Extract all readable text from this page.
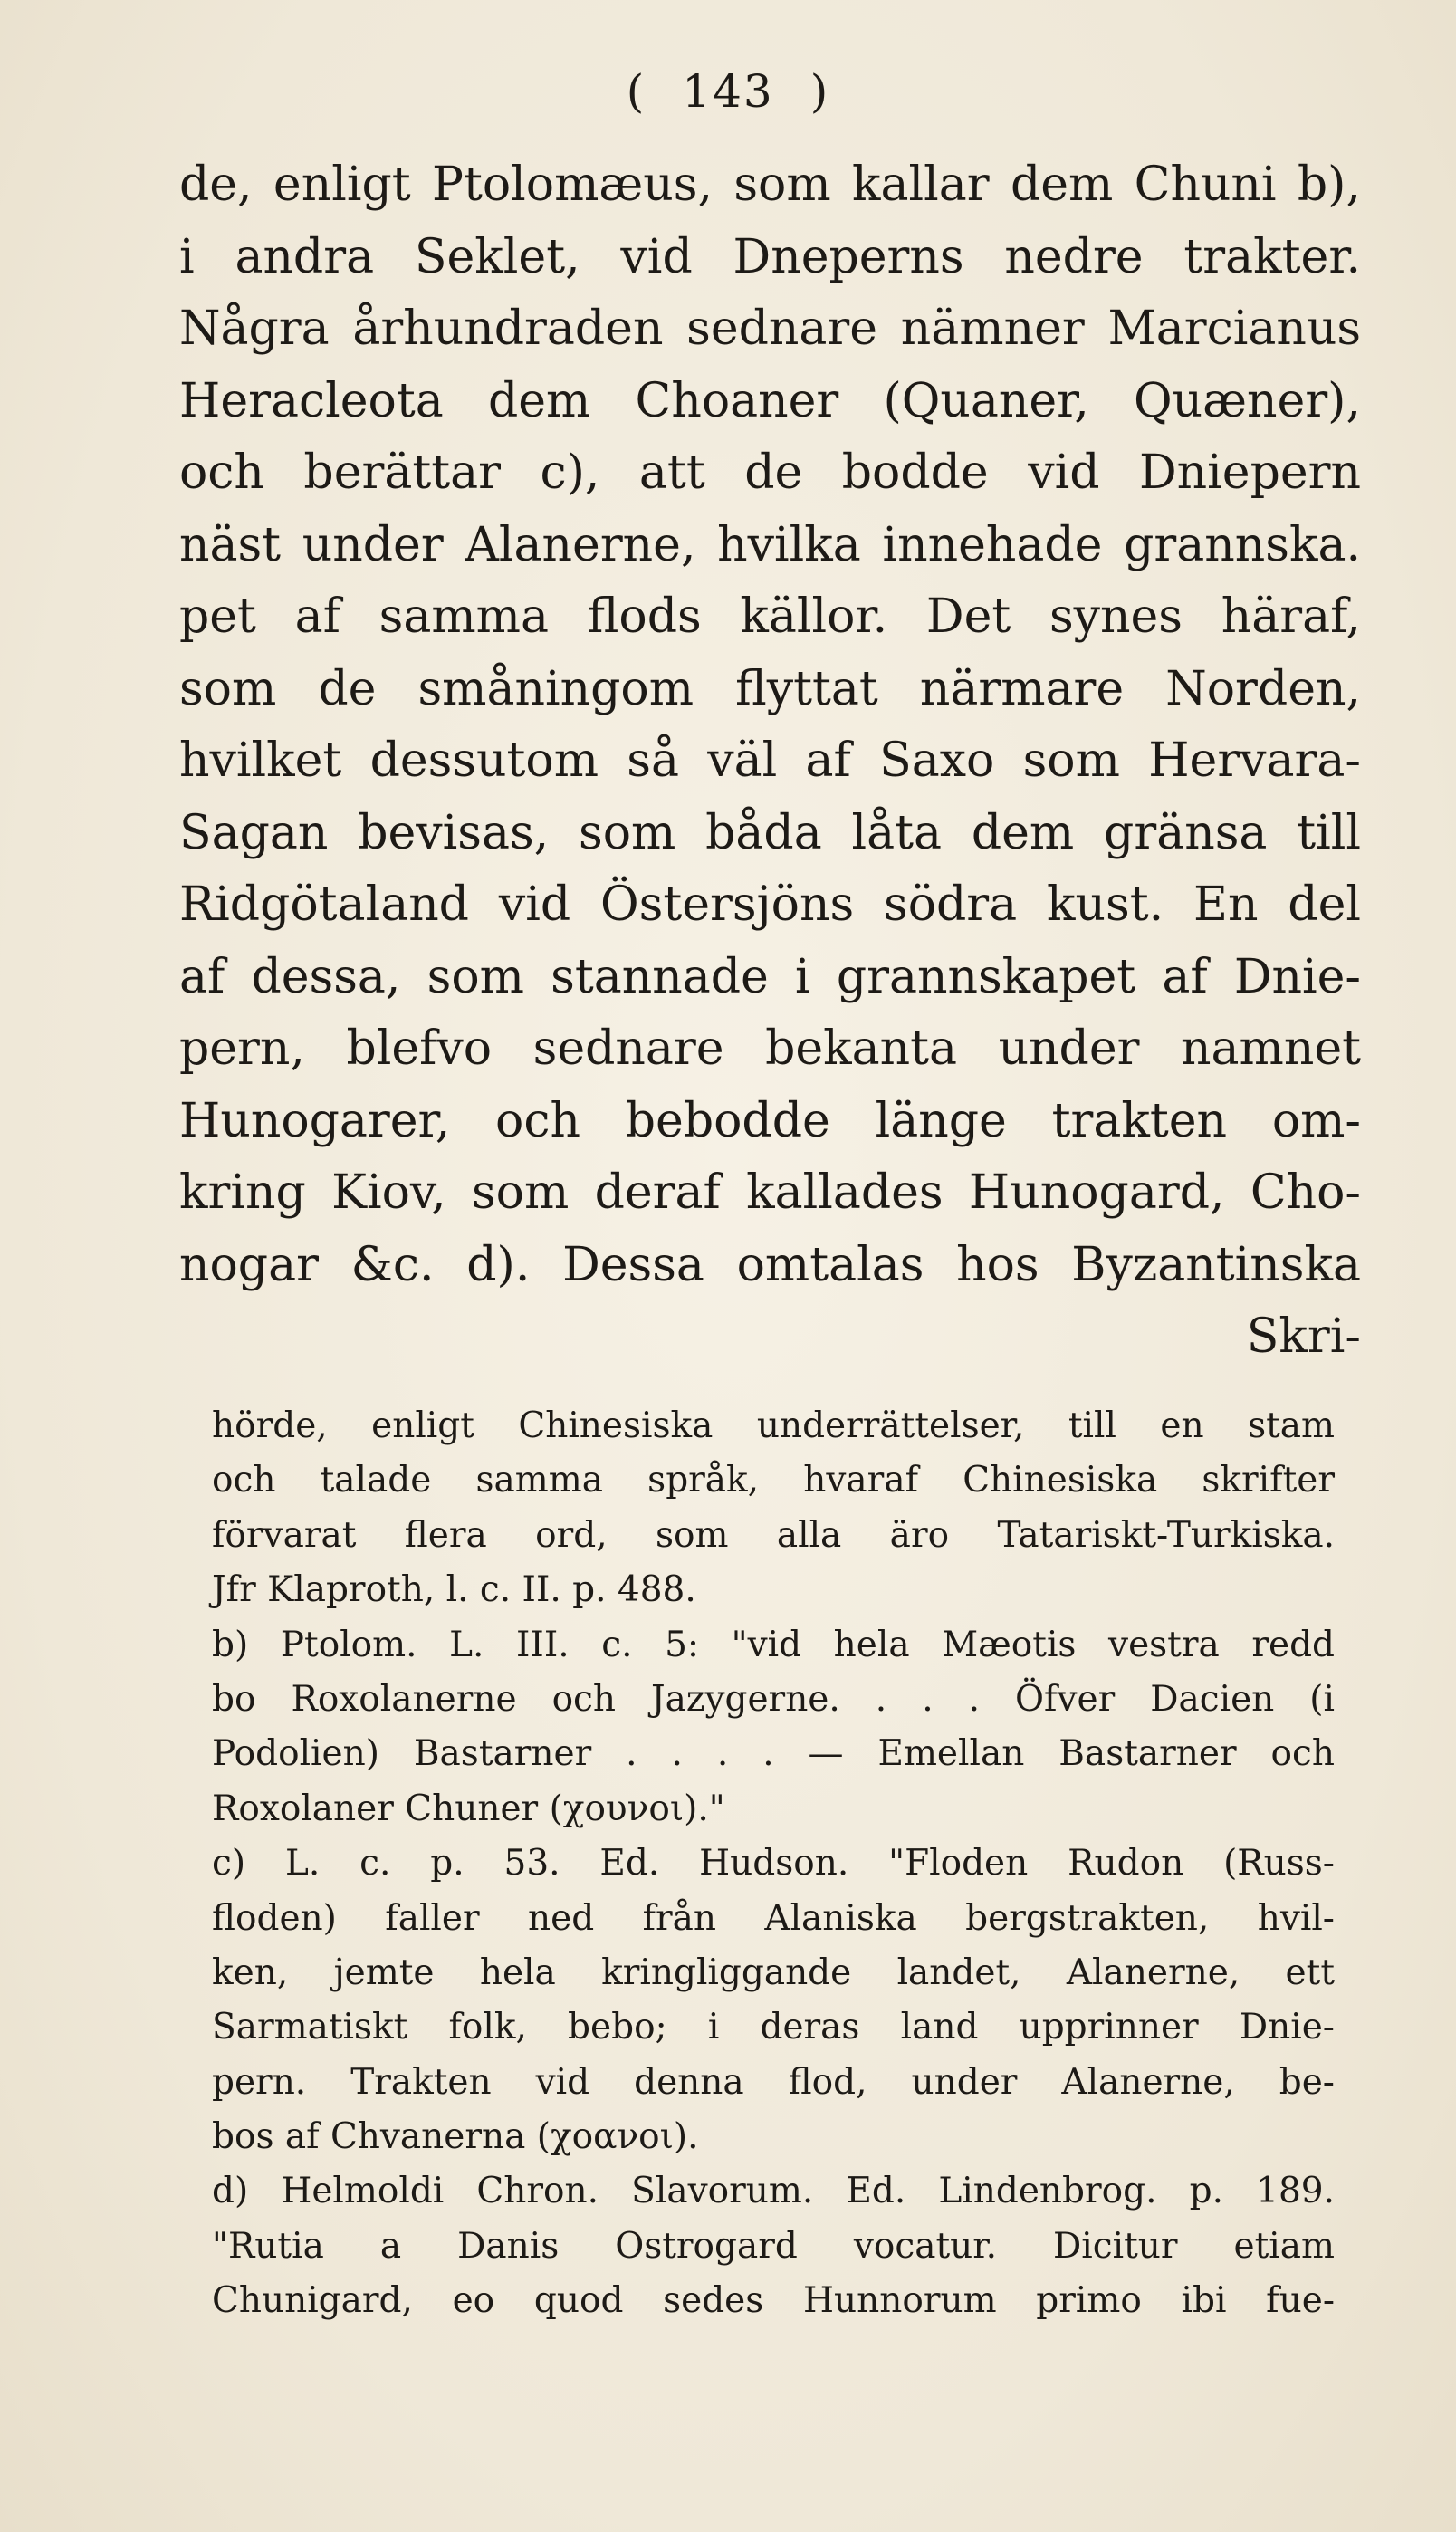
( 143 )
de, enligt Ptolomæus, som kallar dem Chuni b),
i andra Seklet, vid Dneperns nedre trakter.
Några århundraden sednare nämner Marcianus
Heracleota dem Choaner (Quaner, Quæner),
och berättar c), att de bodde vid Dniepern
näst under Alanerne, hvilka innehade grannska.
pet af samma flods källor. Det synes häraf,
som de småningom flyttat närmare Norden,
hvilket dessutom så väl af Saxo som Hervara-
Sagan bevisas, som båda låta dem gränsa till
Ridgötaland vid Östersjöns södra kust. En del
af dessa, som stannade i grannskapet af Dnie-
pern, blefvo sednare bekanta under namnet
Hunogarer, och bebodde länge trakten om-
kring Kiov, som deraf kallades Hunogard, Cho-
nogar &c. d). Dessa omtalas hos Byzantinska
Skri-
hörde, enligt Chinesiska underrättelser, till en stam
och talade samma språk, hvaraf Chinesiska skrifter
förvarat flera ord, som alla äro Tatariskt-Turkiska.
Jfr Klaproth, l. c. II. p. 488.
b) Ptolom. L. III. c. 5: "vid hela Mæotis vestra redd
bo Roxolanerne och Jazygerne. . . . Öfver Dacien (i
Podolien) Bastarner . . . . — Emellan Bastarner och
Roxolaner Chuner (χουνοι)."
c) L. c. p. 53. Ed. Hudson. "Floden Rudon (Russ-
floden) faller ned från Alaniska bergstrakten, hvil-
ken, jemte hela kringliggande landet, Alanerne, ett
Sarmatiskt folk, bebo; i deras land upprinner Dnie-
pern. Trakten vid denna flod, under Alanerne, be-
bos af Chvanerna (χοανοι).
d) Helmoldi Chron. Slavorum. Ed. Lindenbrog. p. 189.
"Rutia a Danis Ostrogard vocatur. Dicitur etiam
Chunigard, eo quod sedes Hunnorum primo ibi fue-
